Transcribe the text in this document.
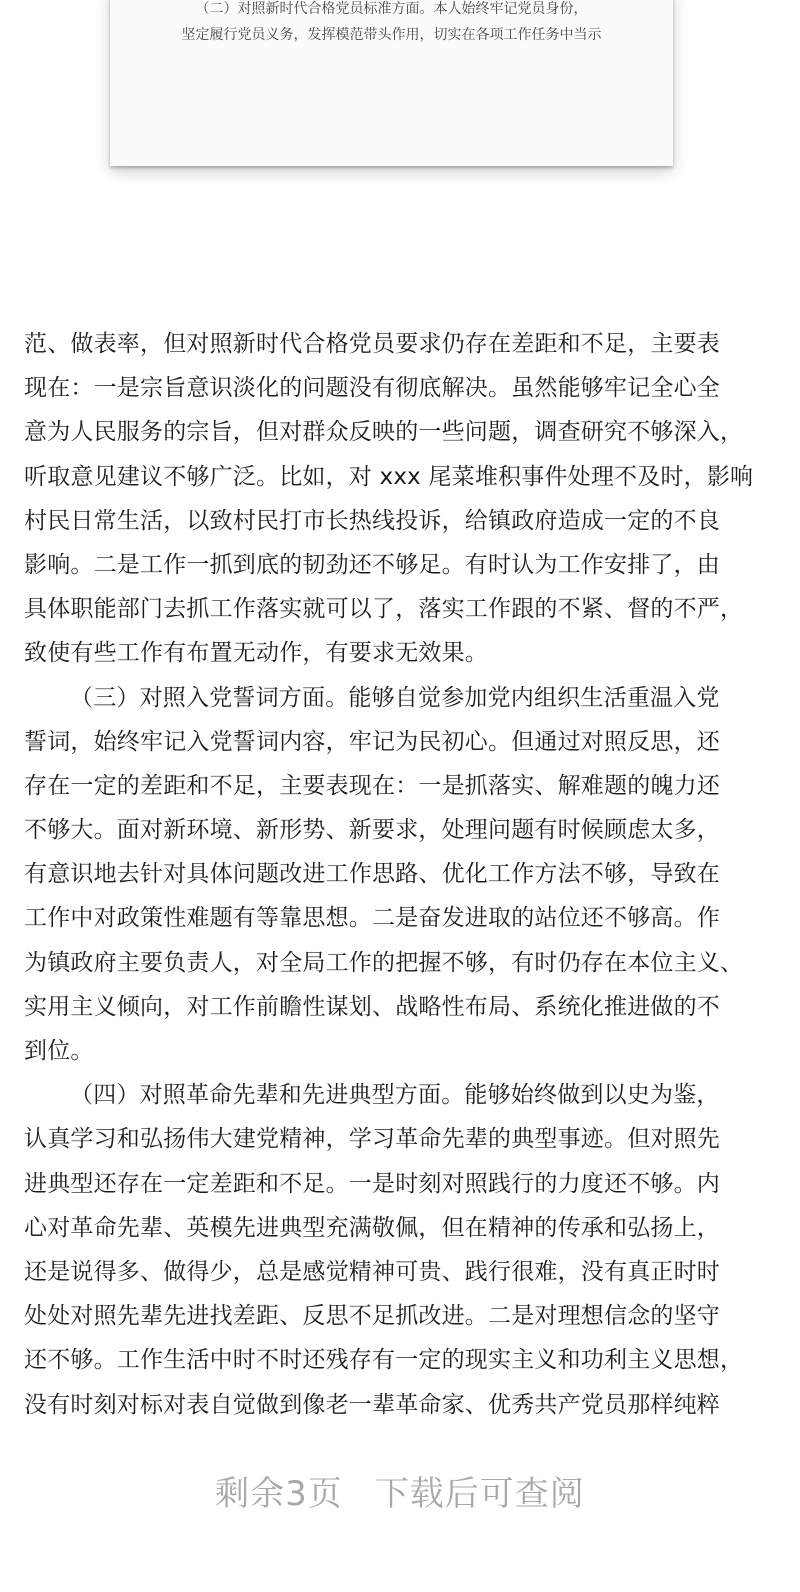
（二）对照新时代合格党员标准方面。本人始终牢记党员身份，
坚定履行党员义务，发挥模范带头作用，切实在各项工作任务中当示
范、做表率，但对照新时代合格党员要求仍存在差距和不足，主要表
现在：一是宗旨意识淡化的问题没有彻底解决。虽然能够牢记全心全
意为人民服务的宗旨，但对群众反映的一些问题，调查研究不够深入，
听取意见建议不够广泛。比如，对 xxx 尾菜堆积事件处理不及时，影响
村民日常生活，以致村民打市长热线投诉，给镇政府造成一定的不良
影响。二是工作一抓到底的韧劲还不够足。有时认为工作安排了，由
具体职能部门去抓工作落实就可以了，落实工作跟的不紧、督的不严，
致使有些工作有布置无动作，有要求无效果。
（三）对照入党誓词方面。能够自觉参加党内组织生活重温入党
誓词，始终牢记入党誓词内容，牢记为民初心。但通过对照反思，还
存在一定的差距和不足，主要表现在：一是抓落实、解难题的魄力还
不够大。面对新环境、新形势、新要求，处理问题有时候顾虑太多，
有意识地去针对具体问题改进工作思路、优化工作方法不够，导致在
工作中对政策性难题有等靠思想。二是奋发进取的站位还不够高。作
为镇政府主要负责人，对全局工作的把握不够，有时仍存在本位主义、
实用主义倾向，对工作前瞻性谋划、战略性布局、系统化推进做的不
到位。
（四）对照革命先辈和先进典型方面。能够始终做到以史为鉴，
认真学习和弘扬伟大建党精神，学习革命先辈的典型事迹。但对照先
进典型还存在一定差距和不足。一是时刻对照践行的力度还不够。内
心对革命先辈、英模先进典型充满敬佩，但在精神的传承和弘扬上，
还是说得多、做得少，总是感觉精神可贵、践行很难，没有真正时时
处处对照先辈先进找差距、反思不足抓改进。二是对理想信念的坚守
还不够。工作生活中时不时还残存有一定的现实主义和功利主义思想，
没有时刻对标对表自觉做到像老一辈革命家、优秀共产党员那样纯粹
剩余3页 下载后可查阅
